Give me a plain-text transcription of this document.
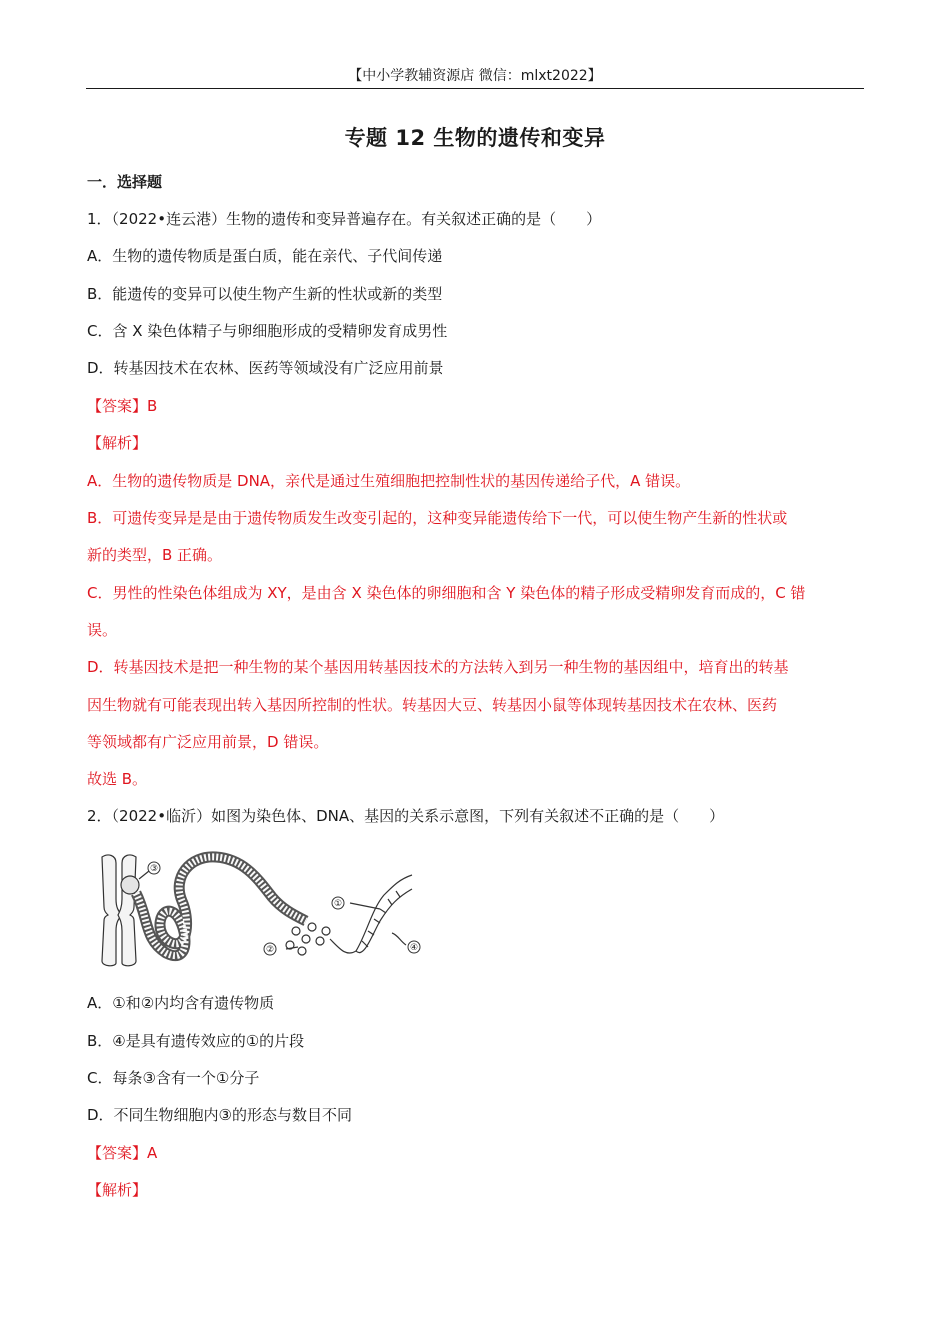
【中小学教辅资源店 微信：mlxt2022】
专题 12 生物的遗传和变异
一．选择题
1．（2022•连云港）生物的遗传和变异普遍存在。有关叙述正确的是（　　）
A．生物的遗传物质是蛋白质，能在亲代、子代间传递
B．能遗传的变异可以使生物产生新的性状或新的类型
C．含 X 染色体精子与卵细胞形成的受精卵发育成男性
D．转基因技术在农林、医药等领域没有广泛应用前景
【答案】B
【解析】
A．生物的遗传物质是 DNA，亲代是通过生殖细胞把控制性状的基因传递给子代，A 错误。
B．可遗传变异是是由于遗传物质发生改变引起的，这种变异能遗传给下一代，可以使生物产生新的性状或
新的类型，B 正确。
C．男性的性染色体组成为 XY，是由含 X 染色体的卵细胞和含 Y 染色体的精子形成受精卵发育而成的，C 错
误。
D．转基因技术是把一种生物的某个基因用转基因技术的方法转入到另一种生物的基因组中，培育出的转基
因生物就有可能表现出转入基因所控制的性状。转基因大豆、转基因小鼠等体现转基因技术在农林、医药
等领域都有广泛应用前景，D 错误。
故选 B。
2．（2022•临沂）如图为染色体、DNA、基因的关系示意图，下列有关叙述不正确的是（　　）
③
①
②	④
A．①和②内均含有遗传物质
B．④是具有遗传效应的①的片段
C．每条③含有一个①分子
D．不同生物细胞内③的形态与数目不同
【答案】A
【解析】
